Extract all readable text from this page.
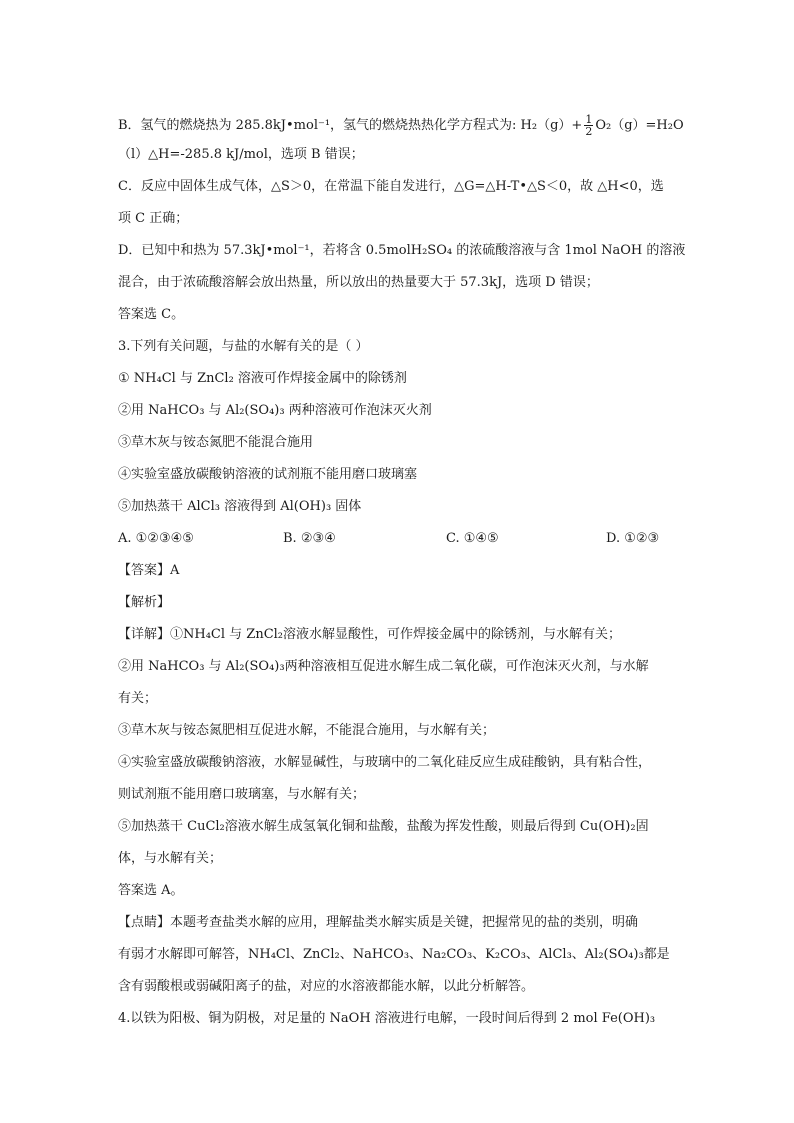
B．氢气的燃烧热为 285.8kJ•mol⁻¹，氢气的燃烧热热化学方程式为: $H_2(g)+ \frac{1}{2} O_2(g)=H_2O$
（l）△H=-285.8 kJ/mol，选项 B 错误；
C．反应中固体生成气体，△S＞0，在常温下能自发进行，△G=△H-T•△S＜0，故 △H<0，选
项 C 正确；
D．已知中和热为 57.3kJ•mol⁻¹，若将含 0.5molH₂SO₄ 的浓硫酸溶液与含 1mol NaOH 的溶液
混合，由于浓硫酸溶解会放出热量，所以放出的热量要大于 57.3kJ，选项 D 错误；
答案选 C。
3.下列有关问题，与盐的水解有关的是（ ）
① NH₄Cl 与 ZnCl₂ 溶液可作焊接金属中的除锈剂
②用 NaHCO₃ 与 Al₂(SO₄)₃ 两种溶液可作泡沫灭火剂
③草木灰与铵态氮肥不能混合施用
④实验室盛放碳酸钠溶液的试剂瓶不能用磨口玻璃塞
⑤加热蒸干 AlCl₃ 溶液得到 Al(OH)₃ 固体
A. ①②③④⑤	B. ②③④	C. ①④⑤	D. ①②③
【答案】A
【解析】
【详解】①NH₄Cl 与 ZnCl₂溶液水解显酸性，可作焊接金属中的除锈剂，与水解有关；
②用 NaHCO₃ 与 Al₂(SO₄)₃两种溶液相互促进水解生成二氧化碳，可作泡沫灭火剂，与水解
有关；
③草木灰与铵态氮肥相互促进水解，不能混合施用，与水解有关；
④实验室盛放碳酸钠溶液，水解显碱性，与玻璃中的二氧化硅反应生成硅酸钠，具有粘合性，
则试剂瓶不能用磨口玻璃塞，与水解有关；
⑤加热蒸干 CuCl₂溶液水解生成氢氧化铜和盐酸，盐酸为挥发性酸，则最后得到 Cu(OH)₂固
体，与水解有关；
答案选 A。
【点睛】本题考查盐类水解的应用，理解盐类水解实质是关键，把握常见的盐的类别，明确
有弱才水解即可解答，NH₄Cl、ZnCl₂、NaHCO₃、Na₂CO₃、K₂CO₃、AlCl₃、Al₂(SO₄)₃都是
含有弱酸根或弱碱阳离子的盐，对应的水溶液都能水解，以此分析解答。
4.以铁为阳极、铜为阴极，对足量的 NaOH 溶液进行电解，一段时间后得到 2 mol Fe(OH)₃
